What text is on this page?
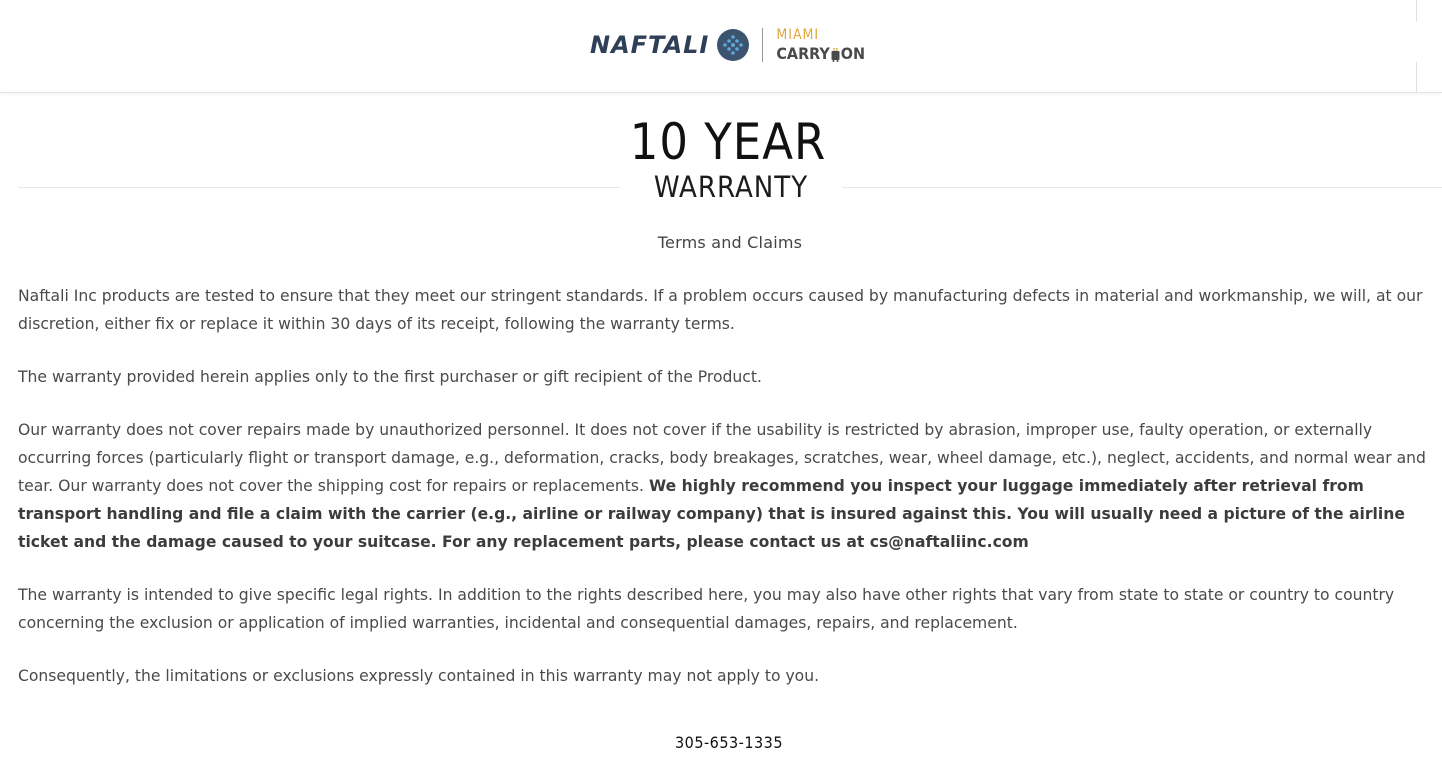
NAFTALI	MIAMI
CARRY ON
10 YEAR
WARRANTY
Terms and Claims

Naftali Inc products are tested to ensure that they meet our stringent standards. If a problem occurs caused by manufacturing defects in material and workmanship, we will, at our discretion, either fix or replace it within 30 days of its receipt, following the warranty terms.

The warranty provided herein applies only to the first purchaser or gift recipient of the Product.

Our warranty does not cover repairs made by unauthorized personnel. It does not cover if the usability is restricted by abrasion, improper use, faulty operation, or externally occurring forces (particularly flight or transport damage, e.g., deformation, cracks, body breakages, scratches, wear, wheel damage, etc.), neglect, accidents, and normal wear and tear. Our warranty does not cover the shipping cost for repairs or replacements. We highly recommend you inspect your luggage immediately after retrieval from transport handling and file a claim with the carrier (e.g., airline or railway company) that is insured against this. You will usually need a picture of the airline ticket and the damage caused to your suitcase. For any replacement parts, please contact us at cs@naftaliinc.com

The warranty is intended to give specific legal rights. In addition to the rights described here, you may also have other rights that vary from state to state or country to country concerning the exclusion or application of implied warranties, incidental and consequential damages, repairs, and replacement.

Consequently, the limitations or exclusions expressly contained in this warranty may not apply to you.

305-653-1335
